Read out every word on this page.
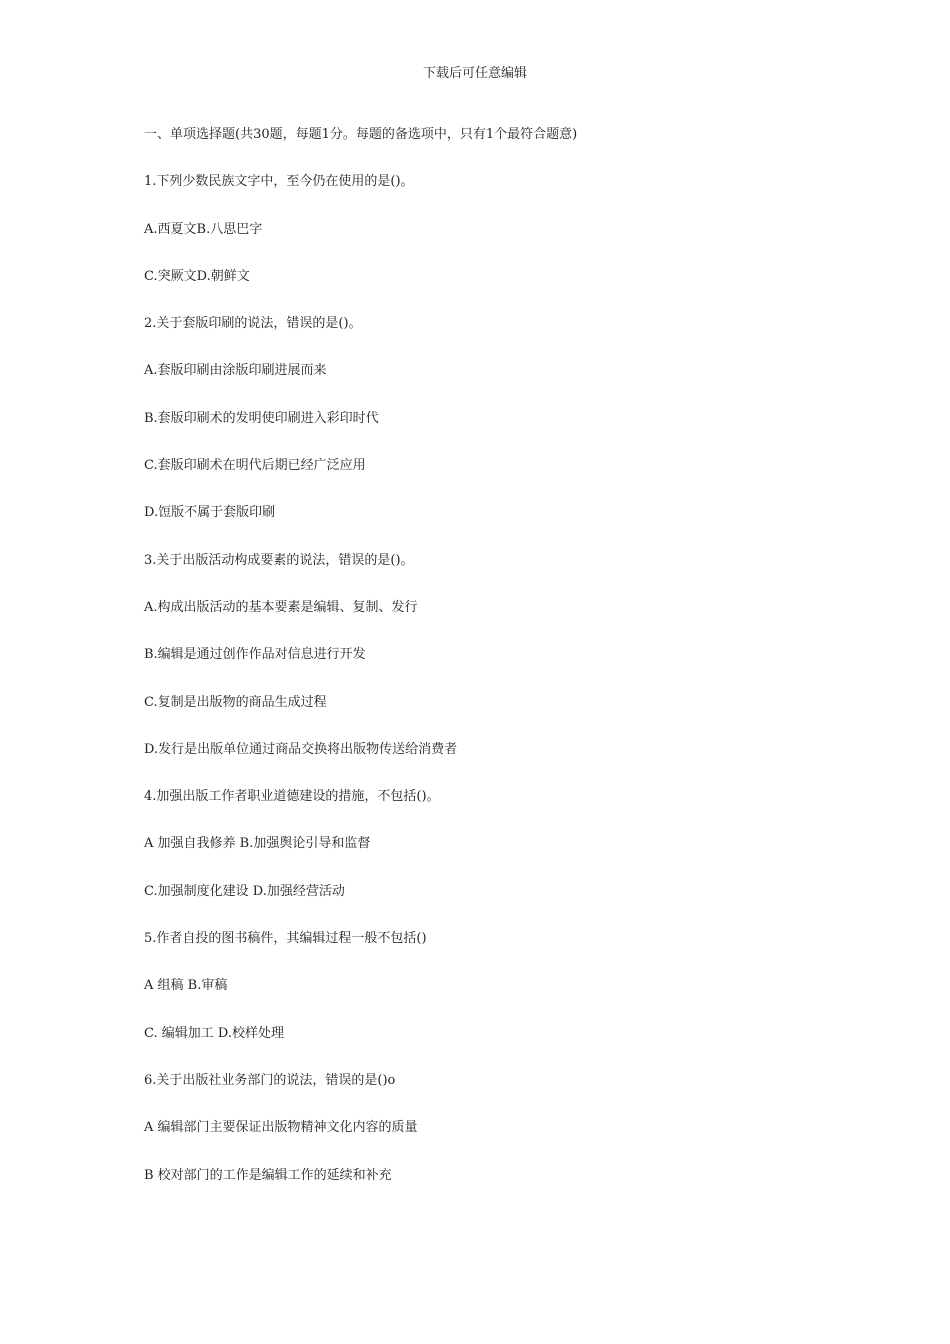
下载后可任意编辑
一、单项选择题(共30题，每题1分。每题的备选项中，只有1个最符合题意)
1.下列少数民族文字中，至今仍在使用的是()。
A.西夏文B.八思巴字
C.突厥文D.朝鲜文
2.关于套版印刷的说法，错误的是()。
A.套版印刷由涂版印刷进展而来
B.套版印刷术的发明使印刷进入彩印时代
C.套版印刷术在明代后期已经广泛应用
D.饾版不属于套版印刷
3.关于出版活动构成要素的说法，错误的是()。
A.构成出版活动的基本要素是编辑、复制、发行
B.编辑是通过创作作品对信息进行开发
C.复制是出版物的商品生成过程
D.发行是出版单位通过商品交换将出版物传送给消费者
4.加强出版工作者职业道德建设的措施，不包括()。
A 加强自我修养 B.加强舆论引导和监督
C.加强制度化建设 D.加强经营活动
5.作者自投的图书稿件，其编辑过程一般不包括()
A 组稿 B.审稿
C. 编辑加工 D.校样处理
6.关于出版社业务部门的说法，错误的是()o
A 编辑部门主要保证出版物精神文化内容的质量
B 校对部门的工作是编辑工作的延续和补充
